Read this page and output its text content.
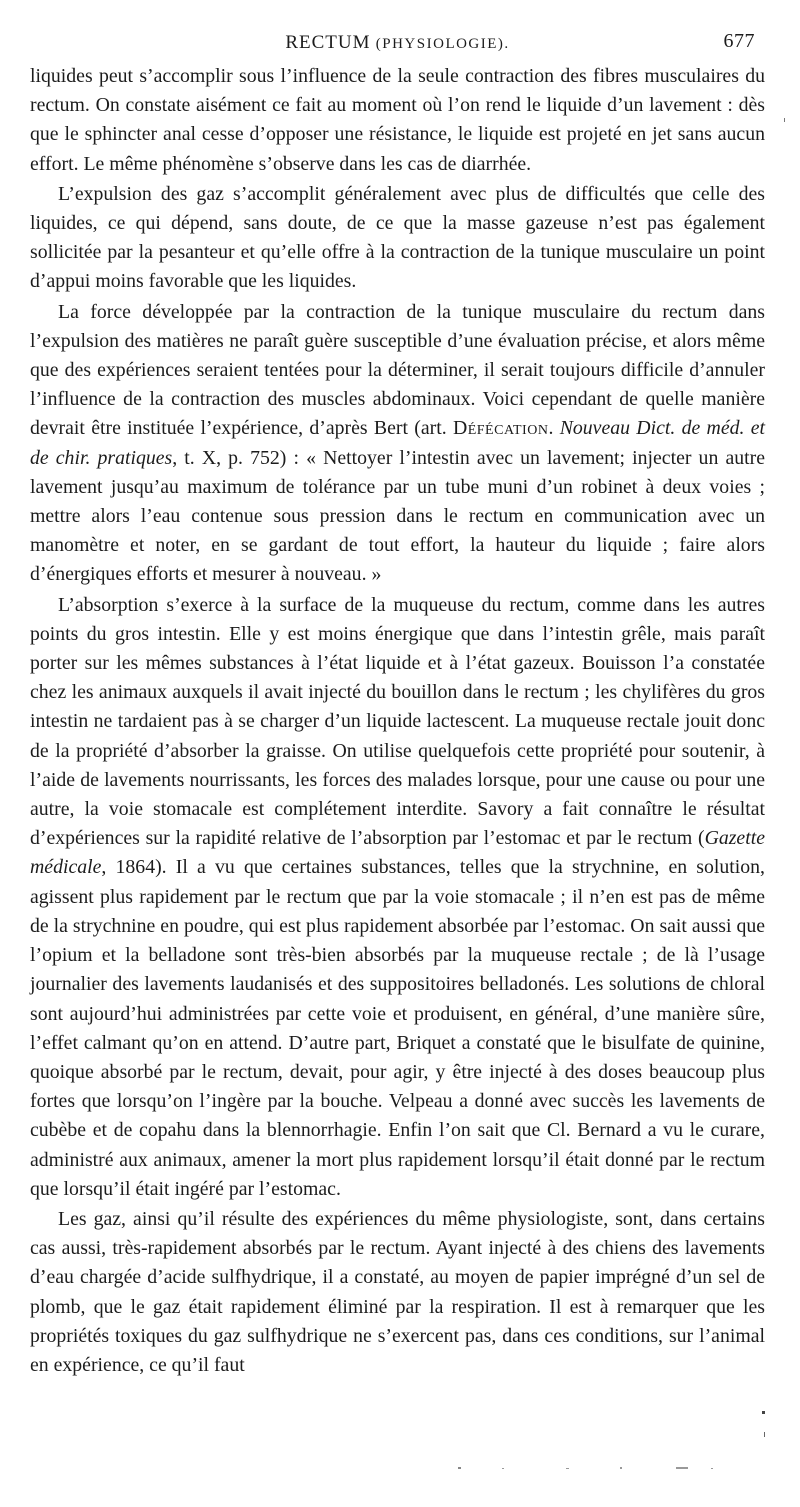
RECTUM (PHYSIOLOGIE).	677

liquides peut s’accomplir sous l’influence de la seule contraction des fibres musculaires du rectum. On constate aisément ce fait au moment où l’on rend le liquide d’un lavement : dès que le sphincter anal cesse d’opposer une résistance, le liquide est projeté en jet sans aucun effort. Le même phénomène s’observe dans les cas de diarrhée.

L’expulsion des gaz s’accomplit généralement avec plus de difficultés que celle des liquides, ce qui dépend, sans doute, de ce que la masse gazeuse n’est pas également sollicitée par la pesanteur et qu’elle offre à la contraction de la tunique musculaire un point d’appui moins favorable que les liquides.

La force développée par la contraction de la tunique musculaire du rectum dans l’expulsion des matières ne paraît guère susceptible d’une évaluation précise, et alors même que des expériences seraient tentées pour la déterminer, il serait toujours difficile d’annuler l’influence de la contraction des muscles abdominaux. Voici cependant de quelle manière devrait être instituée l’expérience, d’après Bert (art. Défécation. Nouveau Dict. de méd. et de chir. pratiques, t. X, p. 752) : « Nettoyer l’intestin avec un lavement; injecter un autre lavement jusqu’au maximum de tolérance par un tube muni d’un robinet à deux voies ; mettre alors l’eau contenue sous pression dans le rectum en communication avec un manomètre et noter, en se gardant de tout effort, la hauteur du liquide ; faire alors d’énergiques efforts et mesurer à nouveau. »

L’absorption s’exerce à la surface de la muqueuse du rectum, comme dans les autres points du gros intestin. Elle y est moins énergique que dans l’intestin grêle, mais paraît porter sur les mêmes substances à l’état liquide et à l’état gazeux. Bouisson l’a constatée chez les animaux auxquels il avait injecté du bouillon dans le rectum ; les chylifères du gros intestin ne tardaient pas à se charger d’un liquide lactescent. La muqueuse rectale jouit donc de la propriété d’absorber la graisse. On utilise quelquefois cette propriété pour soutenir, à l’aide de lavements nourrissants, les forces des malades lorsque, pour une cause ou pour une autre, la voie stomacale est complétement interdite. Savory a fait connaître le résultat d’expériences sur la rapidité relative de l’absorption par l’estomac et par le rectum (Gazette médicale, 1864). Il a vu que certaines substances, telles que la strychnine, en solution, agissent plus rapidement par le rectum que par la voie stomacale ; il n’en est pas de même de la strychnine en poudre, qui est plus rapidement absorbée par l’estomac. On sait aussi que l’opium et la belladone sont très-bien absorbés par la muqueuse rectale ; de là l’usage journalier des lavements laudanisés et des suppositoires belladonés. Les solutions de chloral sont aujourd’hui administrées par cette voie et produisent, en général, d’une manière sûre, l’effet calmant qu’on en attend. D’autre part, Briquet a constaté que le bisulfate de quinine, quoique absorbé par le rectum, devait, pour agir, y être injecté à des doses beaucoup plus fortes que lorsqu’on l’ingère par la bouche. Velpeau a donné avec succès les lavements de cubèbe et de copahu dans la blennorrhagie. Enfin l’on sait que Cl. Bernard a vu le curare, administré aux animaux, amener la mort plus rapidement lorsqu’il était donné par le rectum que lorsqu’il était ingéré par l’estomac.

Les gaz, ainsi qu’il résulte des expériences du même physiologiste, sont, dans certains cas aussi, très-rapidement absorbés par le rectum. Ayant injecté à des chiens des lavements d’eau chargée d’acide sulfhydrique, il a constaté, au moyen de papier imprégné d’un sel de plomb, que le gaz était rapidement éliminé par la respiration. Il est à remarquer que les propriétés toxiques du gaz sulfhydrique ne s’exercent pas, dans ces conditions, sur l’animal en expérience, ce qu’il faut
